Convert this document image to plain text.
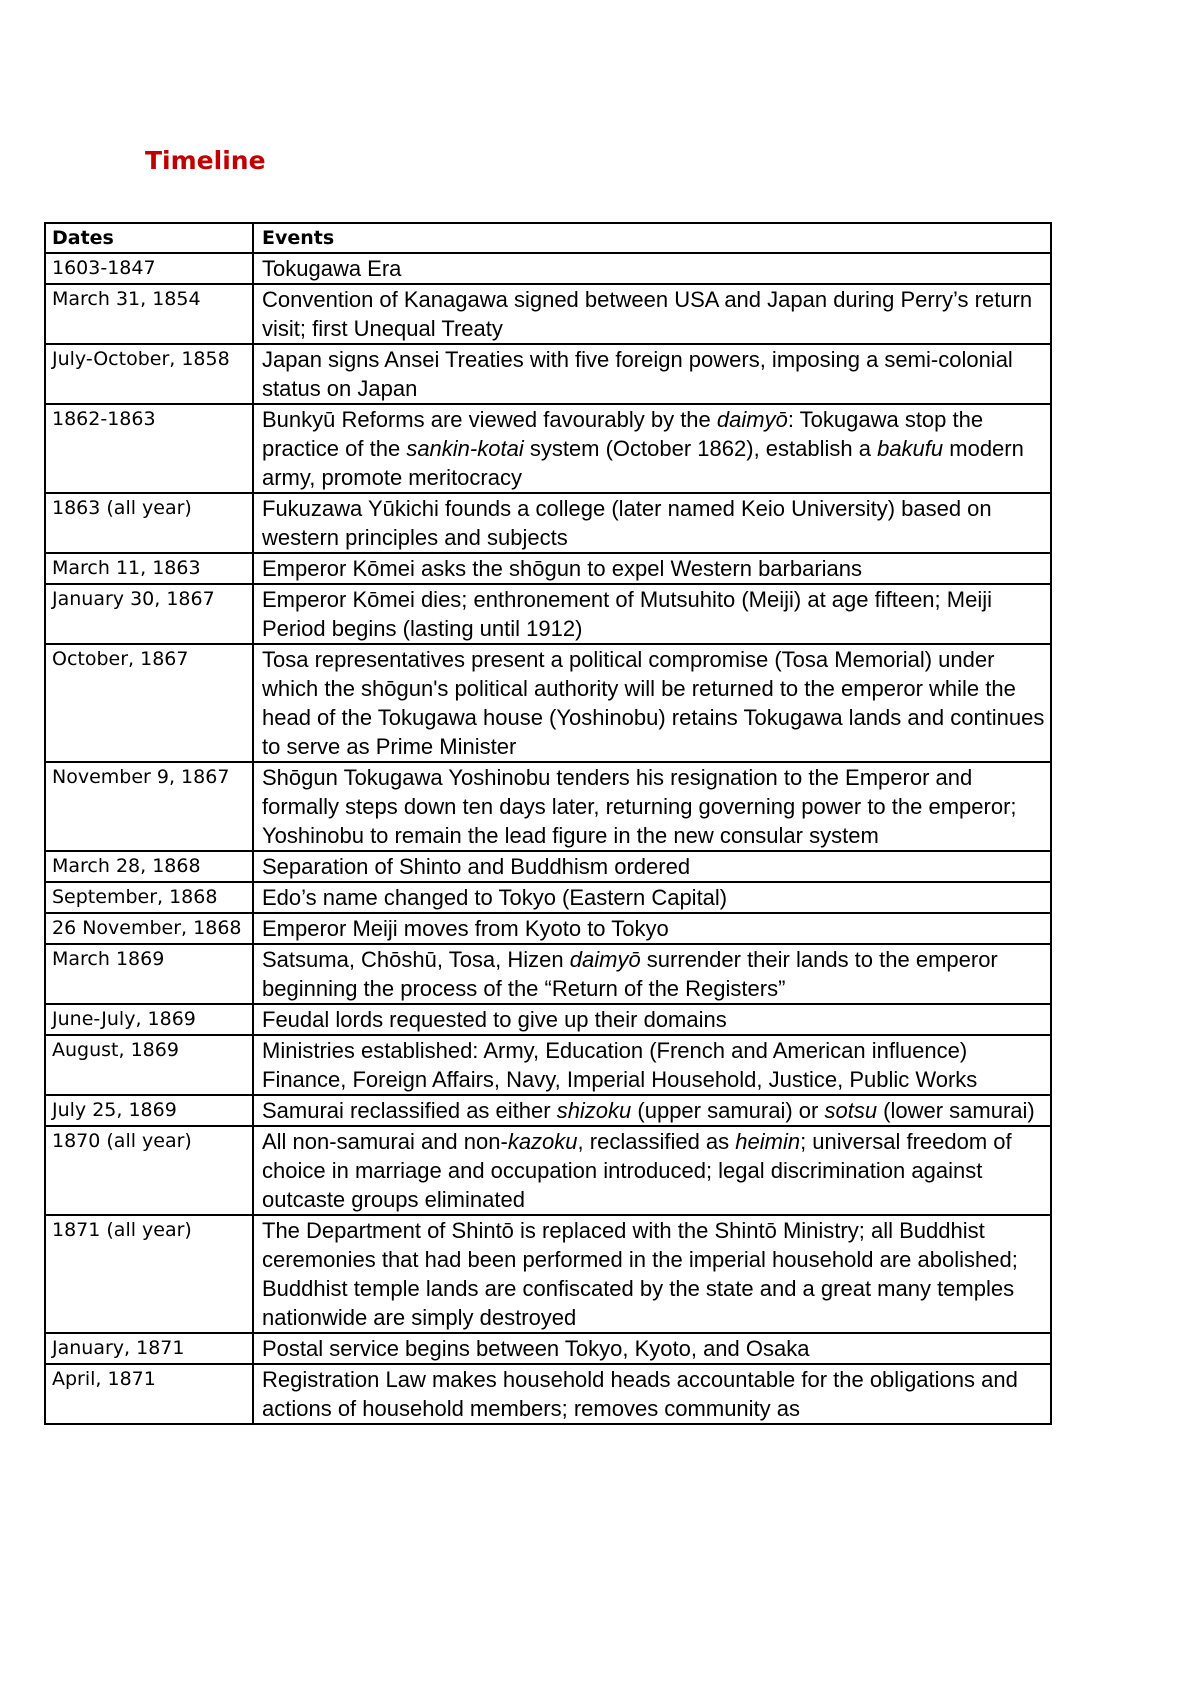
Timeline
Dates	Events
1603-1847	Tokugawa Era
March 31, 1854	Convention of Kanagawa signed between USA and Japan during Perry’s return visit; first Unequal Treaty
July-October, 1858	Japan signs Ansei Treaties with five foreign powers, imposing a semi-colonial status on Japan
1862-1863	Bunkyū Reforms are viewed favourably by the daimyō: Tokugawa stop the practice of the sankin-kotai system (October 1862), establish a bakufu modern army, promote meritocracy
1863 (all year)	Fukuzawa Yūkichi founds a college (later named Keio University) based on western principles and subjects
March 11, 1863	Emperor Kōmei asks the shōgun to expel Western barbarians
January 30, 1867	Emperor Kōmei dies; enthronement of Mutsuhito (Meiji) at age fifteen; Meiji Period begins (lasting until 1912)
October, 1867	Tosa representatives present a political compromise (Tosa Memorial) under which the shōgun's political authority will be returned to the emperor while the head of the Tokugawa house (Yoshinobu) retains Tokugawa lands and continues to serve as Prime Minister
November 9, 1867	Shōgun Tokugawa Yoshinobu tenders his resignation to the Emperor and formally steps down ten days later, returning governing power to the emperor; Yoshinobu to remain the lead figure in the new consular system
March 28, 1868	Separation of Shinto and Buddhism ordered
September, 1868	Edo’s name changed to Tokyo (Eastern Capital)
26 November, 1868	Emperor Meiji moves from Kyoto to Tokyo
March 1869	Satsuma, Chōshū, Tosa, Hizen daimyō surrender their lands to the emperor beginning the process of the “Return of the Registers”
June-July, 1869	Feudal lords requested to give up their domains
August, 1869	Ministries established: Army, Education (French and American influence) Finance, Foreign Affairs, Navy, Imperial Household, Justice, Public Works
July 25, 1869	Samurai reclassified as either shizoku (upper samurai) or sotsu (lower samurai)
1870 (all year)	All non-samurai and non-kazoku, reclassified as heimin; universal freedom of choice in marriage and occupation introduced; legal discrimination against outcaste groups eliminated
1871 (all year)	The Department of Shintō is replaced with the Shintō Ministry; all Buddhist ceremonies that had been performed in the imperial household are abolished; Buddhist temple lands are confiscated by the state and a great many temples nationwide are simply destroyed
January, 1871	Postal service begins between Tokyo, Kyoto, and Osaka
April, 1871	Registration Law makes household heads accountable for the obligations and actions of household members; removes community as
